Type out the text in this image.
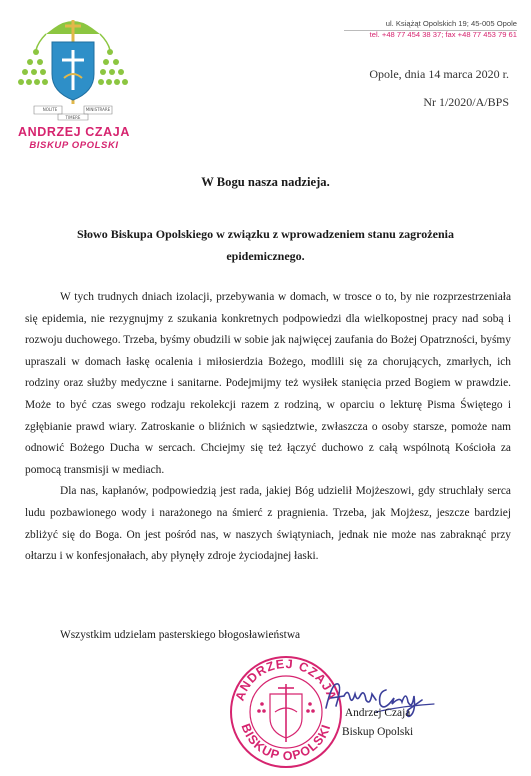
NOLITE	MINISTRARE
TIMERE
ANDRZEJ CZAJA
BISKUP OPOLSKI
ul. Książąt Opolskich 19; 45-005 Opole
tel. +48 77 454 38 37; fax +48 77 453 79 61
Opole, dnia 14 marca 2020 r.
Nr 1/2020/A/BPS
W Bogu nasza nadzieja.
Słowo Biskupa Opolskiego w związku z wprowadzeniem stanu zagrożenia epidemicznego.

W tych trudnych dniach izolacji, przebywania w domach, w trosce o to, by nie rozprzestrzeniała się epidemia, nie rezygnujmy z szukania konkretnych podpowiedzi dla wielkopostnej pracy nad sobą i rozwoju duchowego. Trzeba, byśmy obudzili w sobie jak najwięcej zaufania do Bożej Opatrzności, byśmy upraszali w domach łaskę ocalenia i miłosierdzia Bożego, modlili się za chorujących, zmarłych, ich rodziny oraz służby medyczne i sanitarne. Podejmijmy też wysiłek stanięcia przed Bogiem w prawdzie. Może to być czas swego rodzaju rekolekcji razem z rodziną, w oparciu o lekturę Pisma Świętego i zgłębianie prawd wiary. Zatroskanie o bliźnich w sąsiedztwie, zwłaszcza o osoby starsze, pomoże nam odnowić Bożego Ducha w sercach. Chciejmy się też łączyć duchowo z całą wspólnotą Kościoła za pomocą transmisji w mediach.

Dla nas, kapłanów, podpowiedzią jest rada, jakiej Bóg udzielił Mojżeszowi, gdy struchlały serca ludu pozbawionego wody i narażonego na śmierć z pragnienia. Trzeba, jak Mojżesz, jeszcze bardziej zbliżyć się do Boga. On jest pośród nas, w naszych świątyniach, jednak nie może nas zabraknąć przy ołtarzu i w konfesjonałach, aby płynęły zdroje życiodajnej łaski.

Wszystkim udzielam pasterskiego błogosławieństwa
ANDRZEJ CZAJA
BISKUP OPOLSKI
Andrzej Czaja
Biskup Opolski
